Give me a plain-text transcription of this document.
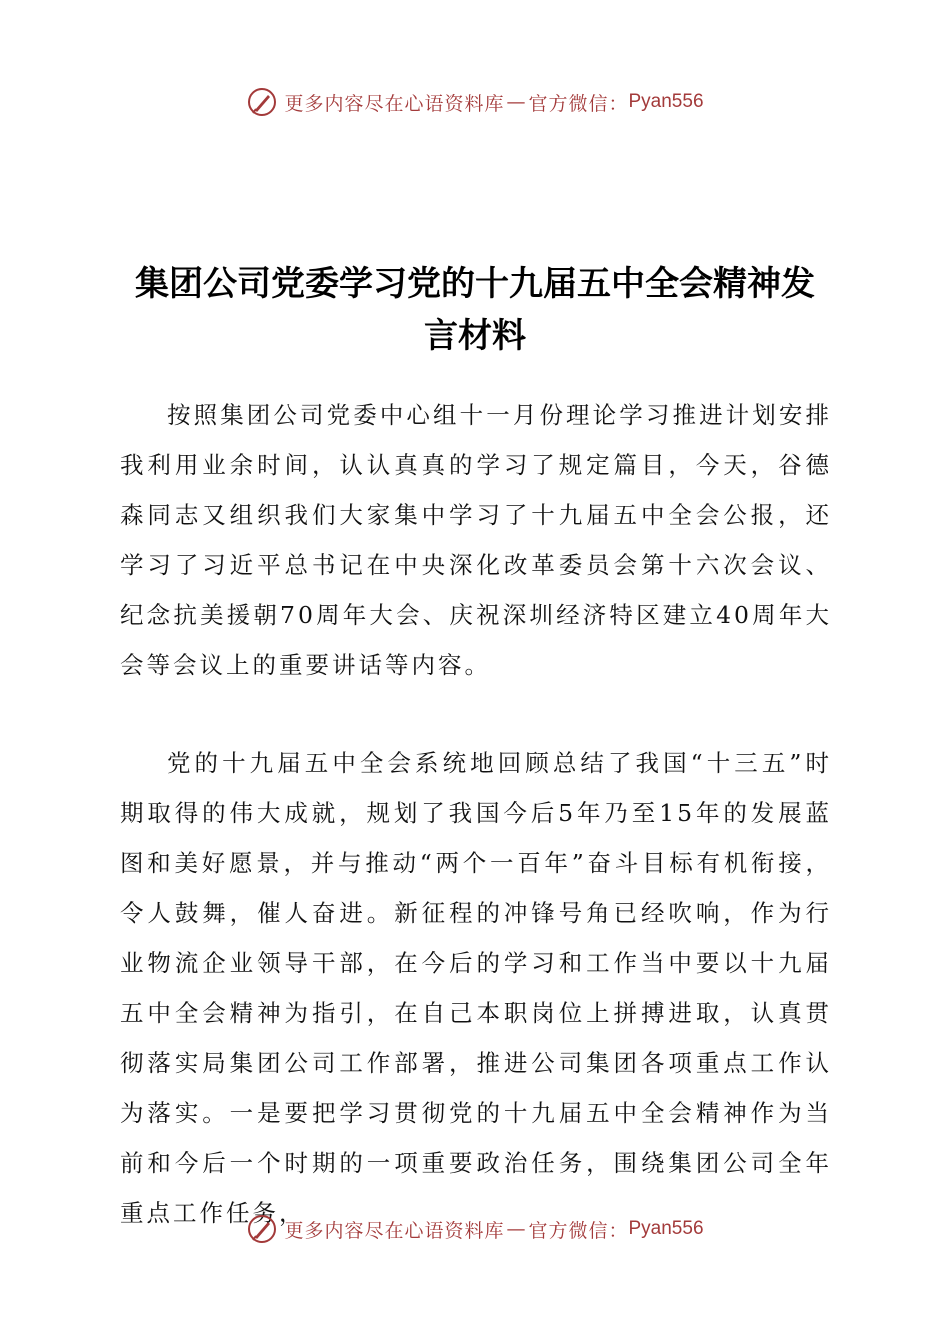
更多内容尽在心语资料库 — 官方微信： Pyan556
集团公司党委学习党的十九届五中全会精神发
言材料

按照集团公司党委中心组十一月份理论学习推进计划安排我利用业余时间，认认真真的学习了规定篇目，今天，谷德森同志又组织我们大家集中学习了十九届五中全会公报，还学习了习近平总书记在中央深化改革委员会第十六次会议、纪念抗美援朝70周年大会、庆祝深圳经济特区建立40周年大会等会议上的重要讲话等内容。

党的十九届五中全会系统地回顾总结了我国“十三五”时期取得的伟大成就，规划了我国今后5年乃至15年的发展蓝图和美好愿景，并与推动“两个一百年”奋斗目标有机衔接，令人鼓舞，催人奋进。新征程的冲锋号角已经吹响，作为行业物流企业领导干部，在今后的学习和工作当中要以十九届五中全会精神为指引，在自己本职岗位上拼搏进取，认真贯彻落实局集团公司工作部署，推进公司集团各项重点工作认为落实。一是要把学习贯彻党的十九届五中全会精神作为当前和今后一个时期的一项重要政治任务，围绕集团公司全年重点工作任务，

更多内容尽在心语资料库 — 官方微信： Pyan556
